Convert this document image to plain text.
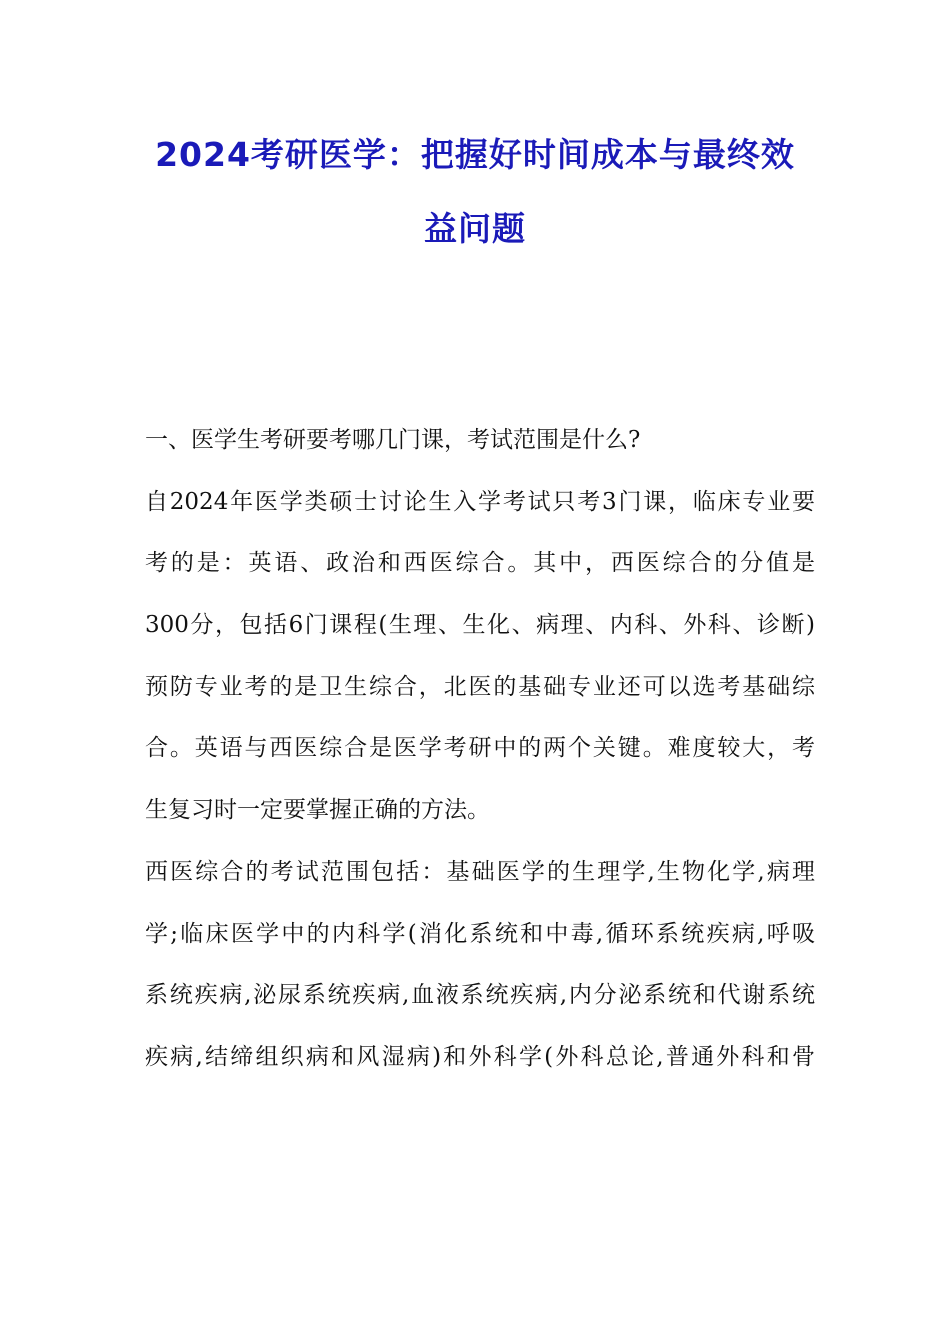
2024考研医学：把握好时间成本与最终效
益问题
一、医学生考研要考哪几门课，考试范围是什么?
自2024年医学类硕士讨论生入学考试只考3门课，临床专业要
考的是：英语、政治和西医综合。其中，西医综合的分值是
300分，包括6门课程(生理、生化、病理、内科、外科、诊断)
预防专业考的是卫生综合，北医的基础专业还可以选考基础综
合。英语与西医综合是医学考研中的两个关键。难度较大，考
生复习时一定要掌握正确的方法。
西医综合的考试范围包括：基础医学的生理学,生物化学,病理
学;临床医学中的内科学(消化系统和中毒,循环系统疾病,呼吸
系统疾病,泌尿系统疾病,血液系统疾病,内分泌系统和代谢系统
疾病,结缔组织病和风湿病)和外科学(外科总论,普通外科和骨
